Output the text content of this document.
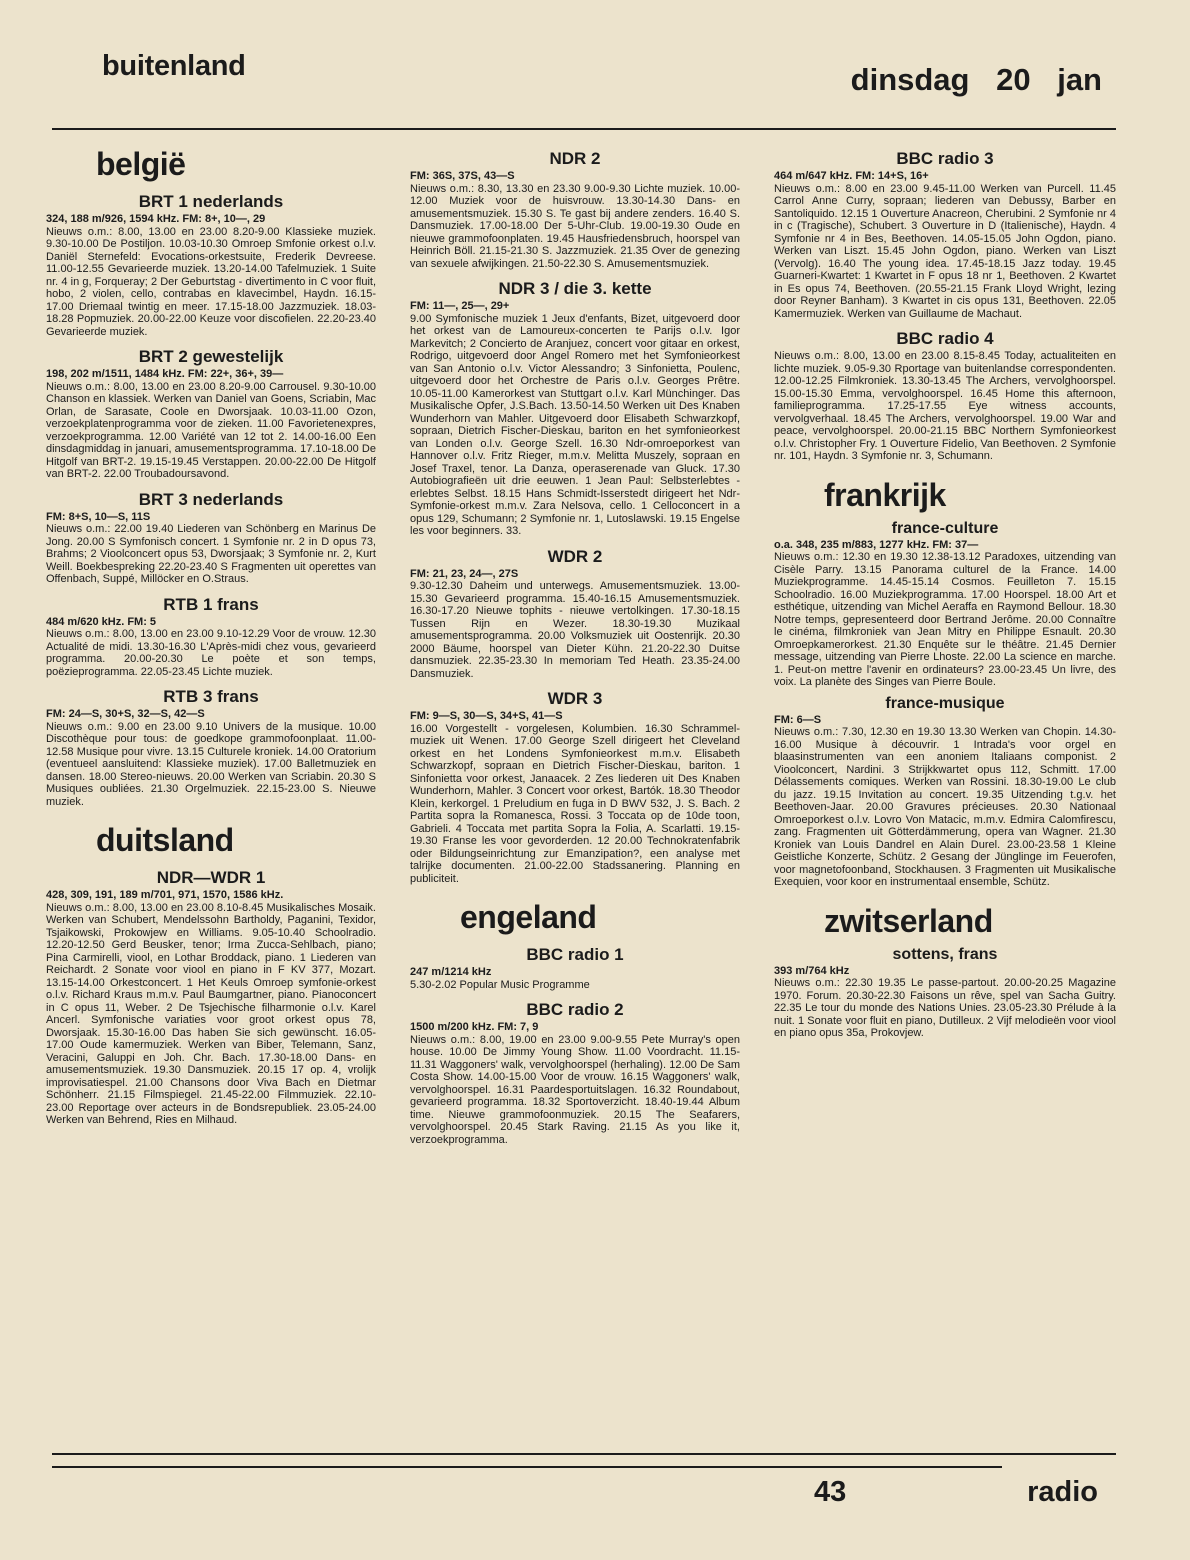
buitenland	dinsdag 20 jan
belgië
BRT 1 nederlands
324, 188 m/926, 1594 kHz. FM: 8+, 10—, 29
Nieuws o.m.: 8.00, 13.00 en 23.00 8.20-9.00 Klassieke muziek. 9.30-10.00 De Postiljon. 10.03-10.30 Omroep Smfonie orkest o.l.v. Daniël Sternefeld: Evocations-orkestsuite, Frederik Devreese. 11.00-12.55 Gevarieerde muziek. 13.20-14.00 Tafelmuziek. 1 Suite nr. 4 in g, Forqueray; 2 Der Geburtstag - divertimento in C voor fluit, hobo, 2 violen, cello, contrabas en klavecimbel, Haydn. 16.15-17.00 Driemaal twintig en meer. 17.15-18.00 Jazzmuziek. 18.03-18.28 Popmuziek. 20.00-22.00 Keuze voor discofielen. 22.20-23.40 Gevarieerde muziek.
BRT 2 gewestelijk
198, 202 m/1511, 1484 kHz. FM: 22+, 36+, 39—
Nieuws o.m.: 8.00, 13.00 en 23.00 8.20-9.00 Carrousel. 9.30-10.00 Chanson en klassiek. Werken van Daniel van Goens, Scriabin, Mac Orlan, de Sarasate, Coole en Dworsjaak. 10.03-11.00 Ozon, verzoekplatenprogramma voor de zieken. 11.00 Favorietenexpres, verzoekprogramma. 12.00 Variété van 12 tot 2. 14.00-16.00 Een dinsdagmiddag in januari, amusementsprogramma. 17.10-18.00 De Hitgolf van BRT-2. 19.15-19.45 Verstappen. 20.00-22.00 De Hitgolf van BRT-2. 22.00 Troubadoursavond.
BRT 3 nederlands
FM: 8+S, 10—S, 11S
Nieuws o.m.: 22.00 19.40 Liederen van Schönberg en Marinus De Jong. 20.00 S Symfonisch concert. 1 Symfonie nr. 2 in D opus 73, Brahms; 2 Vioolconcert opus 53, Dworsjaak; 3 Symfonie nr. 2, Kurt Weill. Boekbespreking 22.20-23.40 S Fragmenten uit operettes van Offenbach, Suppé, Millöcker en O.Straus.
RTB 1 frans
484 m/620 kHz. FM: 5
Nieuws o.m.: 8.00, 13.00 en 23.00 9.10-12.29 Voor de vrouw. 12.30 Actualité de midi. 13.30-16.30 L'Après-midi chez vous, gevarieerd programma. 20.00-20.30 Le poète et son temps, poëzieprogramma. 22.05-23.45 Lichte muziek.
RTB 3 frans
FM: 24—S, 30+S, 32—S, 42—S
Nieuws o.m.: 9.00 en 23.00 9.10 Univers de la musique. 10.00 Discothèque pour tous: de goedkope grammofoonplaat. 11.00-12.58 Musique pour vivre. 13.15 Culturele kroniek. 14.00 Oratorium (eventueel aansluitend: Klassieke muziek). 17.00 Balletmuziek en dansen. 18.00 Stereo-nieuws. 20.00 Werken van Scriabin. 20.30 S Musiques oubliées. 21.30 Orgelmuziek. 22.15-23.00 S. Nieuwe muziek.
duitsland
NDR—WDR 1
428, 309, 191, 189 m/701, 971, 1570, 1586 kHz.
Nieuws o.m.: 8.00, 13.00 en 23.00 8.10-8.45 Musikalisches Mosaik. Werken van Schubert, Mendelssohn Bartholdy, Paganini, Texidor, Tsjaikowski, Prokowjew en Williams. 9.05-10.40 Schoolradio. 12.20-12.50 Gerd Beusker, tenor; Irma Zucca-Sehlbach, piano; Pina Carmirelli, viool, en Lothar Broddack, piano. 1 Liederen van Reichardt. 2 Sonate voor viool en piano in F KV 377, Mozart. 13.15-14.00 Orkestconcert. 1 Het Keuls Omroep symfonie-orkest o.l.v. Richard Kraus m.m.v. Paul Baumgartner, piano. Pianoconcert in C opus 11, Weber. 2 De Tsjechische filharmonie o.l.v. Karel Ancerl. Symfonische variaties voor groot orkest opus 78, Dworsjaak. 15.30-16.00 Das haben Sie sich gewünscht. 16.05-17.00 Oude kamermuziek. Werken van Biber, Telemann, Sanz, Veracini, Galuppi en Joh. Chr. Bach. 17.30-18.00 Dans- en amusementsmuziek. 19.30 Dansmuziek. 20.15 17 op. 4, vrolijk improvisatiespel. 21.00 Chansons door Viva Bach en Dietmar Schönherr. 21.15 Filmspiegel. 21.45-22.00 Filmmuziek. 22.10-23.00 Reportage over acteurs in de Bondsrepubliek. 23.05-24.00 Werken van Behrend, Ries en Milhaud.
NDR 2
FM: 36S, 37S, 43—S
Nieuws o.m.: 8.30, 13.30 en 23.30 9.00-9.30 Lichte muziek. 10.00-12.00 Muziek voor de huisvrouw. 13.30-14.30 Dans- en amusementsmuziek. 15.30 S. Te gast bij andere zenders. 16.40 S. Dansmuziek. 17.00-18.00 Der 5-Uhr-Club. 19.00-19.30 Oude en nieuwe grammofoonplaten. 19.45 Hausfriedensbruch, hoorspel van Heinrich Böll. 21.15-21.30 S. Jazzmuziek. 21.35 Over de genezing van sexuele afwijkingen. 21.50-22.30 S. Amusementsmuziek.
NDR 3 / die 3. kette
FM: 11—, 25—, 29+
9.00 Symfonische muziek 1 Jeux d'enfants, Bizet, uitgevoerd door het orkest van de Lamoureux-concerten te Parijs o.l.v. Igor Markevitch; 2 Concierto de Aranjuez, concert voor gitaar en orkest, Rodrigo, uitgevoerd door Angel Romero met het Symfonieorkest van San Antonio o.l.v. Victor Alessandro; 3 Sinfonietta, Poulenc, uitgevoerd door het Orchestre de Paris o.l.v. Georges Prêtre. 10.05-11.00 Kamerorkest van Stuttgart o.l.v. Karl Münchinger. Das Musikalische Opfer, J.S.Bach. 13.50-14.50 Werken uit Des Knaben Wunderhorn van Mahler. Uitgevoerd door Elisabeth Schwarzkopf, sopraan, Dietrich Fischer-Dieskau, bariton en het symfonieorkest van Londen o.l.v. George Szell. 16.30 Ndr-omroeporkest van Hannover o.l.v. Fritz Rieger, m.m.v. Melitta Muszely, sopraan en Josef Traxel, tenor. La Danza, operaserenade van Gluck. 17.30 Autobiografieën uit drie eeuwen. 1 Jean Paul: Selbsterlebtes - erlebtes Selbst. 18.15 Hans Schmidt-Isserstedt dirigeert het Ndr-Symfonie-orkest m.m.v. Zara Nelsova, cello. 1 Celloconcert in a opus 129, Schumann; 2 Symfonie nr. 1, Lutoslawski. 19.15 Engelse les voor beginners. 33.
WDR 2
FM: 21, 23, 24—, 27S
9.30-12.30 Daheim und unterwegs. Amusementsmuziek. 13.00-15.30 Gevarieerd programma. 15.40-16.15 Amusementsmuziek. 16.30-17.20 Nieuwe tophits - nieuwe vertolkingen. 17.30-18.15 Tussen Rijn en Wezer. 18.30-19.30 Muzikaal amusementsprogramma. 20.00 Volksmuziek uit Oostenrijk. 20.30 2000 Bäume, hoorspel van Dieter Kühn. 21.20-22.30 Duitse dansmuziek. 22.35-23.30 In memoriam Ted Heath. 23.35-24.00 Dansmuziek.
WDR 3
FM: 9—S, 30—S, 34+S, 41—S
16.00 Vorgestellt - vorgelesen, Kolumbien. 16.30 Schrammel-muziek uit Wenen. 17.00 George Szell dirigeert het Cleveland orkest en het Londens Symfonieorkest m.m.v. Elisabeth Schwarzkopf, sopraan en Dietrich Fischer-Dieskau, bariton. 1 Sinfonietta voor orkest, Janaacek. 2 Zes liederen uit Des Knaben Wunderhorn, Mahler. 3 Concert voor orkest, Bartók. 18.30 Theodor Klein, kerkorgel. 1 Preludium en fuga in D BWV 532, J. S. Bach. 2 Partita sopra la Romanesca, Rossi. 3 Toccata op de 10de toon, Gabrieli. 4 Toccata met partita Sopra la Folia, A. Scarlatti. 19.15-19.30 Franse les voor gevorderden. 12 20.00 Technokratenfabrik oder Bildungseinrichtung zur Emanzipation?, een analyse met talrijke documenten. 21.00-22.00 Stadssanering. Planning en publiciteit.
engeland
BBC radio 1
247 m/1214 kHz
5.30-2.02 Popular Music Programme
BBC radio 2
1500 m/200 kHz. FM: 7, 9
Nieuws o.m.: 8.00, 19.00 en 23.00 9.00-9.55 Pete Murray's open house. 10.00 De Jimmy Young Show. 11.00 Voordracht. 11.15-11.31 Waggoners' walk, vervolghoorspel (herhaling). 12.00 De Sam Costa Show. 14.00-15.00 Voor de vrouw. 16.15 Waggoners' walk, vervolghoorspel. 16.31 Paardesportuitslagen. 16.32 Roundabout, gevarieerd programma. 18.32 Sportoverzicht. 18.40-19.44 Album time. Nieuwe grammofoonmuziek. 20.15 The Seafarers, vervolghoorspel. 20.45 Stark Raving. 21.15 As you like it, verzoekprogramma.
BBC radio 3
464 m/647 kHz. FM: 14+S, 16+
Nieuws o.m.: 8.00 en 23.00 9.45-11.00 Werken van Purcell. 11.45 Carrol Anne Curry, sopraan; liederen van Debussy, Barber en Santoliquido. 12.15 1 Ouverture Anacreon, Cherubini. 2 Symfonie nr 4 in c (Tragische), Schubert. 3 Ouverture in D (Italienische), Haydn. 4 Symfonie nr 4 in Bes, Beethoven. 14.05-15.05 John Ogdon, piano. Werken van Liszt. 15.45 John Ogdon, piano. Werken van Liszt (Vervolg). 16.40 The young idea. 17.45-18.15 Jazz today. 19.45 Guarneri-Kwartet: 1 Kwartet in F opus 18 nr 1, Beethoven. 2 Kwartet in Es opus 74, Beethoven. (20.55-21.15 Frank Lloyd Wright, lezing door Reyner Banham). 3 Kwartet in cis opus 131, Beethoven. 22.05 Kamermuziek. Werken van Guillaume de Machaut.
BBC radio 4
Nieuws o.m.: 8.00, 13.00 en 23.00 8.15-8.45 Today, actualiteiten en lichte muziek. 9.05-9.30 Rportage van buitenlandse correspondenten. 12.00-12.25 Filmkroniek. 13.30-13.45 The Archers, vervolghoorspel. 15.00-15.30 Emma, vervolghoorspel. 16.45 Home this afternoon, familieprogramma. 17.25-17.55 Eye witness accounts, vervolgverhaal. 18.45 The Archers, vervolghoorspel. 19.00 War and peace, vervolghoorspel. 20.00-21.15 BBC Northern Symfonieorkest o.l.v. Christopher Fry. 1 Ouverture Fidelio, Van Beethoven. 2 Symfonie nr. 101, Haydn. 3 Symfonie nr. 3, Schumann.
frankrijk
france-culture
o.a. 348, 235 m/883, 1277 kHz. FM: 37—
Nieuws o.m.: 12.30 en 19.30 12.38-13.12 Paradoxes, uitzending van Cisèle Parry. 13.15 Panorama culturel de la France. 14.00 Muziekprogramme. 14.45-15.14 Cosmos. Feuilleton 7. 15.15 Schoolradio. 16.00 Muziekprogramma. 17.00 Hoorspel. 18.00 Art et esthétique, uitzending van Michel Aeraffa en Raymond Bellour. 18.30 Notre temps, gepresenteerd door Bertrand Jerôme. 20.00 Connaître le cinéma, filmkroniek van Jean Mitry en Philippe Esnault. 20.30 Omroepkamerorkest. 21.30 Enquête sur le théâtre. 21.45 Dernier message, uitzending van Pierre Lhoste. 22.00 La science en marche. 1. Peut-on mettre l'avenir en ordinateurs? 23.00-23.45 Un livre, des voix. La planète des Singes van Pierre Boule.
france-musique
FM: 6—S
Nieuws o.m.: 7.30, 12.30 en 19.30 13.30 Werken van Chopin. 14.30-16.00 Musique à découvrir. 1 Intrada's voor orgel en blaasinstrumenten van een anoniem Italiaans componist. 2 Vioolconcert, Nardini. 3 Strijkkwartet opus 112, Schmitt. 17.00 Délassements comiques. Werken van Rossini. 18.30-19.00 Le club du jazz. 19.15 Invitation au concert. 19.35 Uitzending t.g.v. het Beethoven-Jaar. 20.00 Gravures précieuses. 20.30 Nationaal Omroeporkest o.l.v. Lovro Von Matacic, m.m.v. Edmira Calomfirescu, zang. Fragmenten uit Götterdämmerung, opera van Wagner. 21.30 Kroniek van Louis Dandrel en Alain Durel. 23.00-23.58 1 Kleine Geistliche Konzerte, Schütz. 2 Gesang der Jünglinge im Feuerofen, voor magnetofoonband, Stockhausen. 3 Fragmenten uit Musikalische Exequien, voor koor en instrumentaal ensemble, Schütz.
zwitserland
sottens, frans
393 m/764 kHz
Nieuws o.m.: 22.30 19.35 Le passe-partout. 20.00-20.25 Magazine 1970. Forum. 20.30-22.30 Faisons un rêve, spel van Sacha Guitry. 22.35 Le tour du monde des Nations Unies. 23.05-23.30 Prélude à la nuit. 1 Sonate voor fluit en piano, Dutilleux. 2 Vijf melodieën voor viool en piano opus 35a, Prokovjew.
43	radio
